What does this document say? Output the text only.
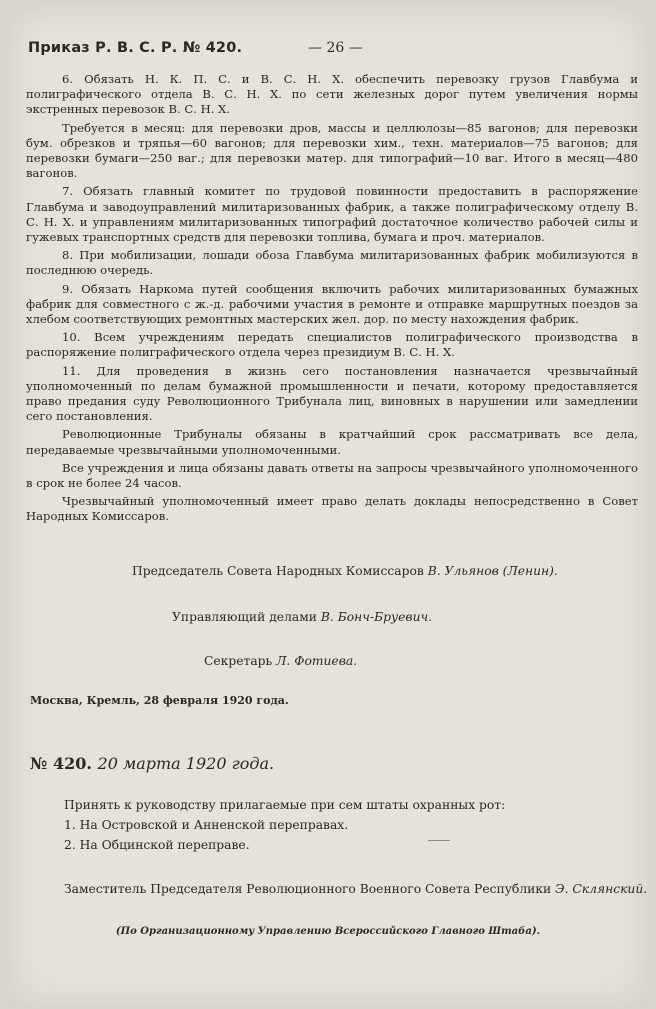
Приказ Р. В. С. Р. № 420.	— 26 —

6. Обязать Н. К. П. С. и В. С. Н. Х. обеспечить перевозку грузов Главбума и полиграфического отдела В. С. Н. Х. по сети железных дорог путем увеличения нормы экстренных перевозок В. С. Н. Х.

Требуется в месяц: для перевозки дров, массы и целлюлозы—85 вагонов; для перевозки бум. обрезков и тряпья—60 вагонов; для перевозки хим., техн. материалов—75 вагонов; для перевозки бумаги—250 ваг.; для перевозки матер. для типографий—10 ваг. Итого в месяц—480 вагонов.

7. Обязать главный комитет по трудовой повинности предоставить в распоряжение Главбума и заводоуправлений милитаризованных фабрик, а также полиграфическому отделу В. С. Н. Х. и управлениям милитаризованных типографий достаточное количество рабочей силы и гужевых транспортных средств для перевозки топлива, бумага и проч. материалов.

8. При мобилизации, лошади обоза Главбума милитаризованных фабрик мобилизуются в последнюю очередь.

9. Обязать Наркома путей сообщения включить рабочих милитаризованных бумажных фабрик для совместного с ж.-д. рабочими участия в ремонте и отправке маршрутных поездов за хлебом соответствующих ремонтных мастерских жел. дор. по месту нахождения фабрик.

10. Всем учреждениям передать специалистов полиграфического производства в распоряжение полиграфического отдела через президиум В. С. Н. Х.

11. Для проведения в жизнь сего постановления назначается чрезвычайный уполномоченный по делам бумажной промышленности и печати, которому предоставляется право предания суду Революционного Трибунала лиц, виновных в нарушении или замедлении сего постановления.

Революционные Трибуналы обязаны в кратчайший срок рассматривать все дела, передаваемые чрезвычайными уполномоченными.

Все учреждения и лица обязаны давать ответы на запросы чрезвычайного уполномоченного в срок не более 24 часов.

Чрезвычайный уполномоченный имеет право делать доклады непосредственно в Совет Народных Комиссаров.

Председатель Совета Народных Комиссаров В. Ульянов (Ленин).
Управляющий делами В. Бонч-Бруевич.
Секретарь Л. Фотиева.
Москва, Кремль, 28 февраля 1920 года.
№ 420. 20 марта 1920 года.
Принять к руководству прилагаемые при сем штаты охранных рот:
1. На Островской и Анненской переправах.
2. На Обцинской переправе.
Заместитель Председателя Революционного Военного Совета Республики Э. Склянский.
(По Организационному Управлению Всероссийского Главного Штаба).
